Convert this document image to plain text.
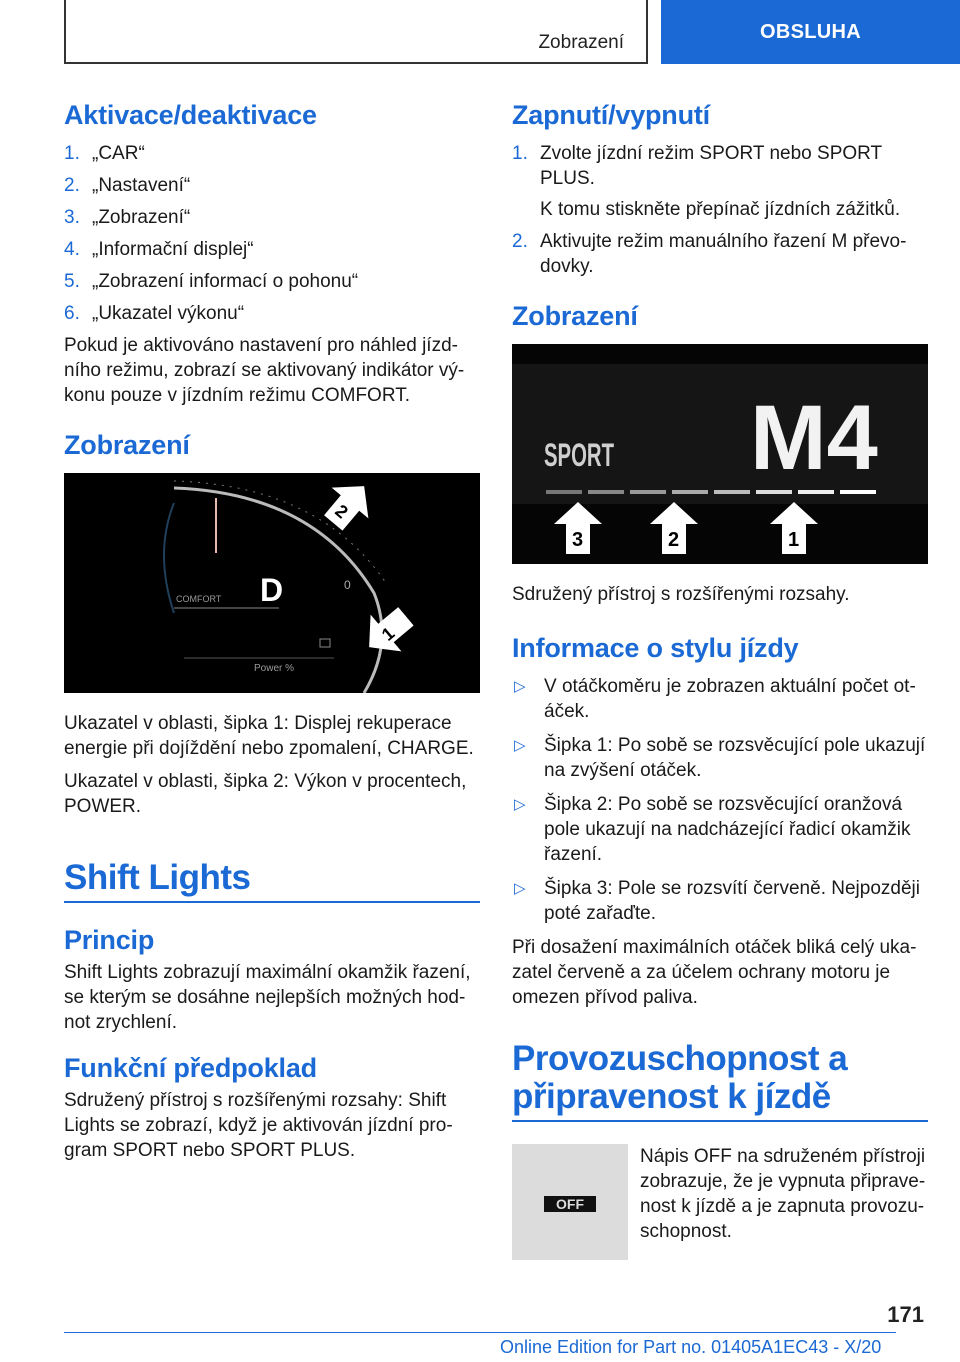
Zobrazení	OBSLUHA
Aktivace/deaktivace
1. „CAR“
2. „Nastavení“
3. „Zobrazení“
4. „Informační displej“
5. „Zobrazení informací o pohonu“
6. „Ukazatel výkonu“

Pokud je aktivováno nastavení pro náhled jízdního režimu, zobrazí se aktivovaný indikátor výkonu pouze v jízdním režimu COMFORT.

Zobrazení
D
COMFORT
Power %
0
2
1

Ukazatel v oblasti, šipka 1: Displej rekuperace energie při dojíždění nebo zpomalení, CHARGE.

Ukazatel v oblasti, šipka 2: Výkon v procentech, POWER.

Shift Lights
Princip

Shift Lights zobrazují maximální okamžik řazení, se kterým se dosáhne nejlepších možných hodnot zrychlení.

Funkční předpoklad

Sdružený přístroj s rozšířenými rozsahy: Shift Lights se zobrazí, když je aktivován jízdní program SPORT nebo SPORT PLUS.

Zapnutí/vypnutí
1. Zvolte jízdní režim SPORT nebo SPORT PLUS.
K tomu stiskněte přepínač jízdních zážitků.
2. Aktivujte režim manuálního řazení M převodovky.
Zobrazení
SPORT M4
3	2	1

Sdružený přístroj s rozšířenými rozsahy.

Informace o stylu jízdy
▷ V otáčkoměru je zobrazen aktuální počet otáček.
▷ Šipka 1: Po sobě se rozsvěcující pole ukazují na zvýšení otáček.
▷ Šipka 2: Po sobě se rozsvěcující oranžová pole ukazují na nadcházející řadicí okamžik řazení.
▷ Šipka 3: Pole se rozsvítí červeně. Nejpozději poté zařaďte.

Při dosažení maximálních otáček bliká celý ukazatel červeně a za účelem ochrany motoru je omezen přívod paliva.

Provozuschopnost a
připravenost k jízdě
OFF

Nápis OFF na sdruženém přístroji zobrazuje, že je vypnuta připravenost k jízdě a je zapnuta provozuschopnost.

171
Online Edition for Part no. 01405A1EC43 - X/20
